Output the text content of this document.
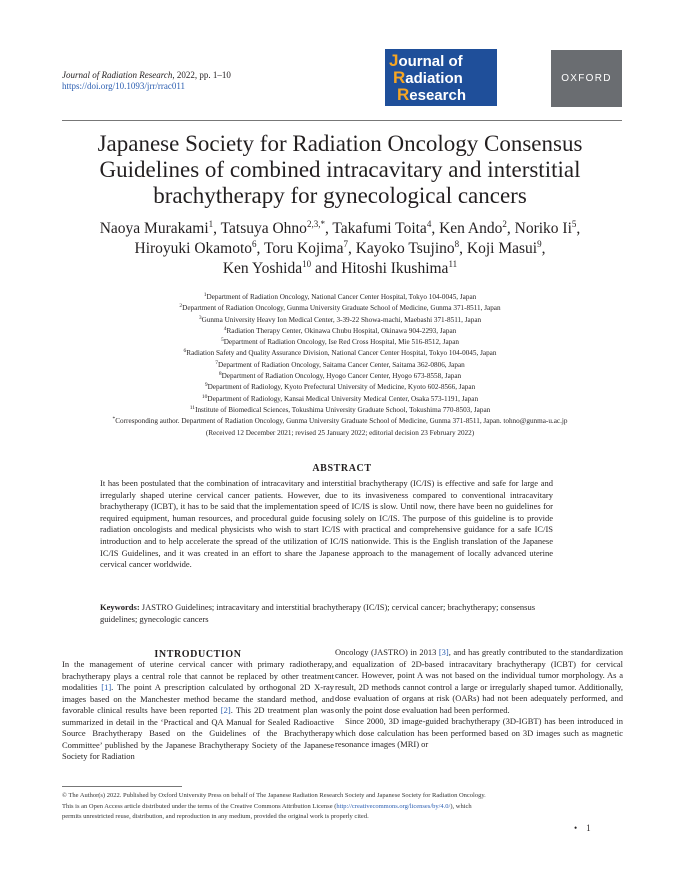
Journal of Radiation Research, 2022, pp. 1–10
https://doi.org/10.1093/jrr/rrac011
Journal of
Radiation
Research
OXFORD
Japanese Society for Radiation Oncology Consensus
Guidelines of combined intracavitary and interstitial
brachytherapy for gynecological cancers
Naoya Murakami$^1$, Tatsuya Ohno$^{2,3,*}$, Takafumi Toita$^4$, Ken Ando$^2$, Noriko Ii$^5$,
Hiroyuki Okamoto$^6$, Toru Kojima$^7$, Kayoko Tsujino$^8$, Koji Masui$^9$,
Ken Yoshida$^{10}$ and Hitoshi Ikushima$^{11}$
$^1$Department of Radiation Oncology, National Cancer Center Hospital, Tokyo 104-0045, Japan
$^2$Department of Radiation Oncology, Gunma University Graduate School of Medicine, Gunma 371-8511, Japan
$^3$Gunma University Heavy Ion Medical Center, 3-39-22 Showa-machi, Maebashi 371-8511, Japan
$^4$Radiation Therapy Center, Okinawa Chubu Hospital, Okinawa 904-2293, Japan
$^5$Department of Radiation Oncology, Ise Red Cross Hospital, Mie 516-8512, Japan
$^6$Radiation Safety and Quality Assurance Division, National Cancer Center Hospital, Tokyo 104-0045, Japan
$^7$Department of Radiation Oncology, Saitama Cancer Center, Saitama 362-0806, Japan
$^8$Department of Radiation Oncology, Hyogo Cancer Center, Hyogo 673-8558, Japan
$^9$Department of Radiology, Kyoto Prefectural University of Medicine, Kyoto 602-8566, Japan
$^{10}$Department of Radiology, Kansai Medical University Medical Center, Osaka 573-1191, Japan
$^{11}$Institute of Biomedical Sciences, Tokushima University Graduate School, Tokushima 770-8503, Japan
*Corresponding author. Department of Radiation Oncology, Gunma University Graduate School of Medicine, Gunma 371-8511, Japan. tohno@gunma-u.ac.jp
(Received 12 December 2021; revised 25 January 2022; editorial decision 23 February 2022)
ABSTRACT
It has been postulated that the combination of intracavitary and interstitial brachytherapy (IC/IS) is effective and safe for large and irregularly shaped uterine cervical cancer patients. However, due to its invasiveness compared to conventional intracavitary brachytherapy (ICBT), it has to be said that the implementation speed of IC/IS is slow. Until now, there have been no guidelines for required equipment, human resources, and procedural guide focusing solely on IC/IS. The purpose of this guideline is to provide radiation oncologists and medical physicists who wish to start IC/IS with practical and comprehensive guidance for a safe IC/IS introduction and to help accelerate the spread of the utilization of IC/IS nationwide. This is the English translation of the Japanese IC/IS Guidelines, and it was created in an effort to share the Japanese approach to the management of locally advanced uterine cervical cancer worldwide.
Keywords: JASTRO Guidelines; intracavitary and interstitial brachytherapy (IC/IS); cervical cancer; brachytherapy; consensus guidelines; gynecologic cancers
INTRODUCTION
In the management of uterine cervical cancer with primary radiotherapy, brachytherapy plays a central role that cannot be replaced by other treatment modalities [1]. The point A prescription calculated by orthogonal 2D X-ray images based on the Manchester method became the standard method, and favorable clinical results have been reported [2]. This 2D treatment plan was summarized in detail in the ‘Practical and QA Manual for Sealed Radioactive Source Brachytherapy Based on the Guidelines of the Brachytherapy Committee’ published by the Japanese Brachytherapy Society of the Japanese Society for Radiation
Oncology (JASTRO) in 2013 [3], and has greatly contributed to the standardization and equalization of 2D-based intracavitary brachytherapy (ICBT) for cervical cancer. However, point A was not based on the individual tumor morphology. As a result, 2D methods cannot control a large or irregularly shaped tumor. Additionally, dose evaluation of organs at risk (OARs) had not been adequately performed, and only the point dose evaluation had been performed.
Since 2000, 3D image-guided brachytherapy (3D-IGBT) has been introduced in which dose calculation has been performed based on 3D images such as magnetic resonance images (MRI) or
© The Author(s) 2022. Published by Oxford University Press on behalf of The Japanese Radiation Research Society and Japanese Society for Radiation Oncology.
This is an Open Access article distributed under the terms of the Creative Commons Attribution License (http://creativecommons.org/licenses/by/4.0/), which
permits unrestricted reuse, distribution, and reproduction in any medium, provided the original work is properly cited.
• 1
